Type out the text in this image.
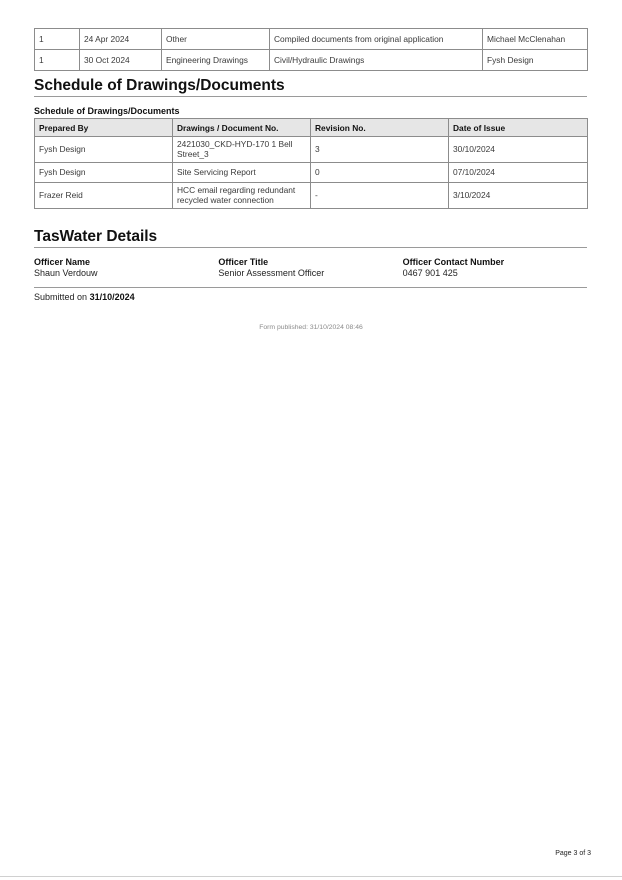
1	24 Apr 2024	Other	Compiled documents from original application	Michael McClenahan
1	30 Oct 2024	Engineering Drawings	Civil/Hydraulic Drawings	Fysh Design
Schedule of Drawings/Documents
Schedule of Drawings/Documents
Prepared By	Drawings / Document No.	Revision No.	Date of Issue
Fysh Design	2421030_CKD-HYD-170 1 Bell Street_3	3	30/10/2024
Fysh Design	Site Servicing Report	0	07/10/2024
Frazer Reid	HCC email regarding redundant recycled water connection	-	3/10/2024
TasWater Details
Officer Name
Shaun Verdouw
Officer Title
Senior Assessment Officer
Officer Contact Number
0467 901 425
Submitted on 31/10/2024
Form published: 31/10/2024 08:46
Page 3 of 3
